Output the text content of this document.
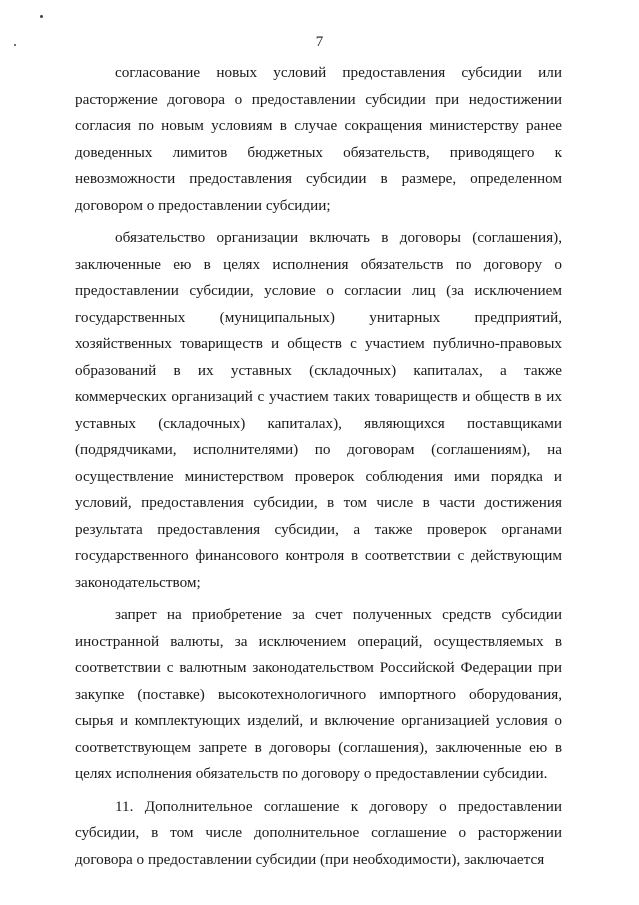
7

согласование новых условий предоставления субсидии или расторжение договора о предоставлении субсидии при недостижении согласия по новым условиям в случае сокращения министерству ранее доведенных лимитов бюджетных обязательств, приводящего к невозможности предоставления субсидии в размере, определенном договором о предоставлении субсидии;

обязательство организации включать в договоры (соглашения), заключенные ею в целях исполнения обязательств по договору о предоставлении субсидии, условие о согласии лиц (за исключением государственных (муниципальных) унитарных предприятий, хозяйственных товариществ и обществ с участием публично-правовых образований в их уставных (складочных) капиталах, а также коммерческих организаций с участием таких товариществ и обществ в их уставных (складочных) капиталах), являющихся поставщиками (подрядчиками, исполнителями) по договорам (соглашениям), на осуществление министерством проверок соблюдения ими порядка и условий, предоставления субсидии, в том числе в части достижения результата предоставления субсидии, а также проверок органами государственного финансового контроля в соответствии с действующим законодательством;

запрет на приобретение за счет полученных средств субсидии иностранной валюты, за исключением операций, осуществляемых в соответствии с валютным законодательством Российской Федерации при закупке (поставке) высокотехнологичного импортного оборудования, сырья и комплектующих изделий, и включение организацией условия о соответствующем запрете в договоры (соглашения), заключенные ею в целях исполнения обязательств по договору о предоставлении субсидии.

11. Дополнительное соглашение к договору о предоставлении субсидии, в том числе дополнительное соглашение о расторжении договора о предоставлении субсидии (при необходимости), заключается
